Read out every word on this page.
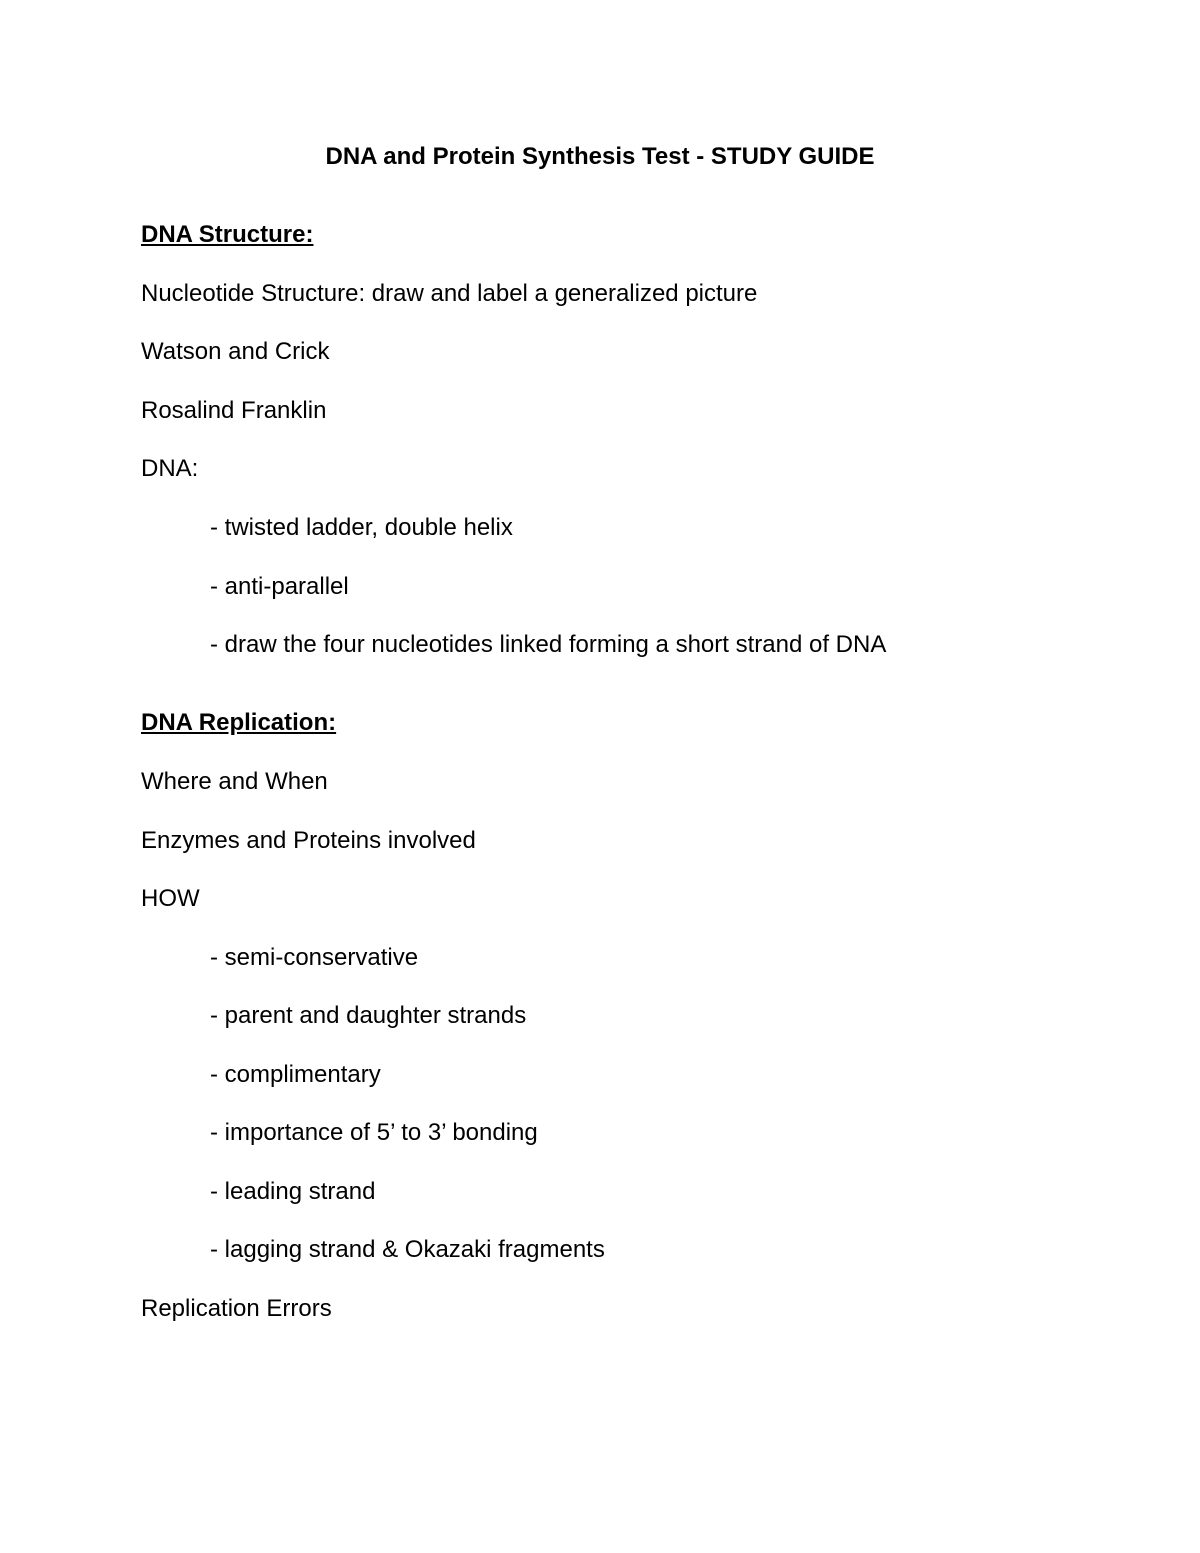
DNA and Protein Synthesis Test - STUDY GUIDE
DNA Structure:
Nucleotide Structure: draw and label a generalized picture
Watson and Crick
Rosalind Franklin
DNA:
- twisted ladder, double helix
- anti-parallel
- draw the four nucleotides linked forming a short strand of DNA
DNA Replication:
Where and When
Enzymes and Proteins involved
HOW
- semi-conservative
- parent and daughter strands
- complimentary
- importance of 5’ to 3’ bonding
- leading strand
- lagging strand & Okazaki fragments
Replication Errors
